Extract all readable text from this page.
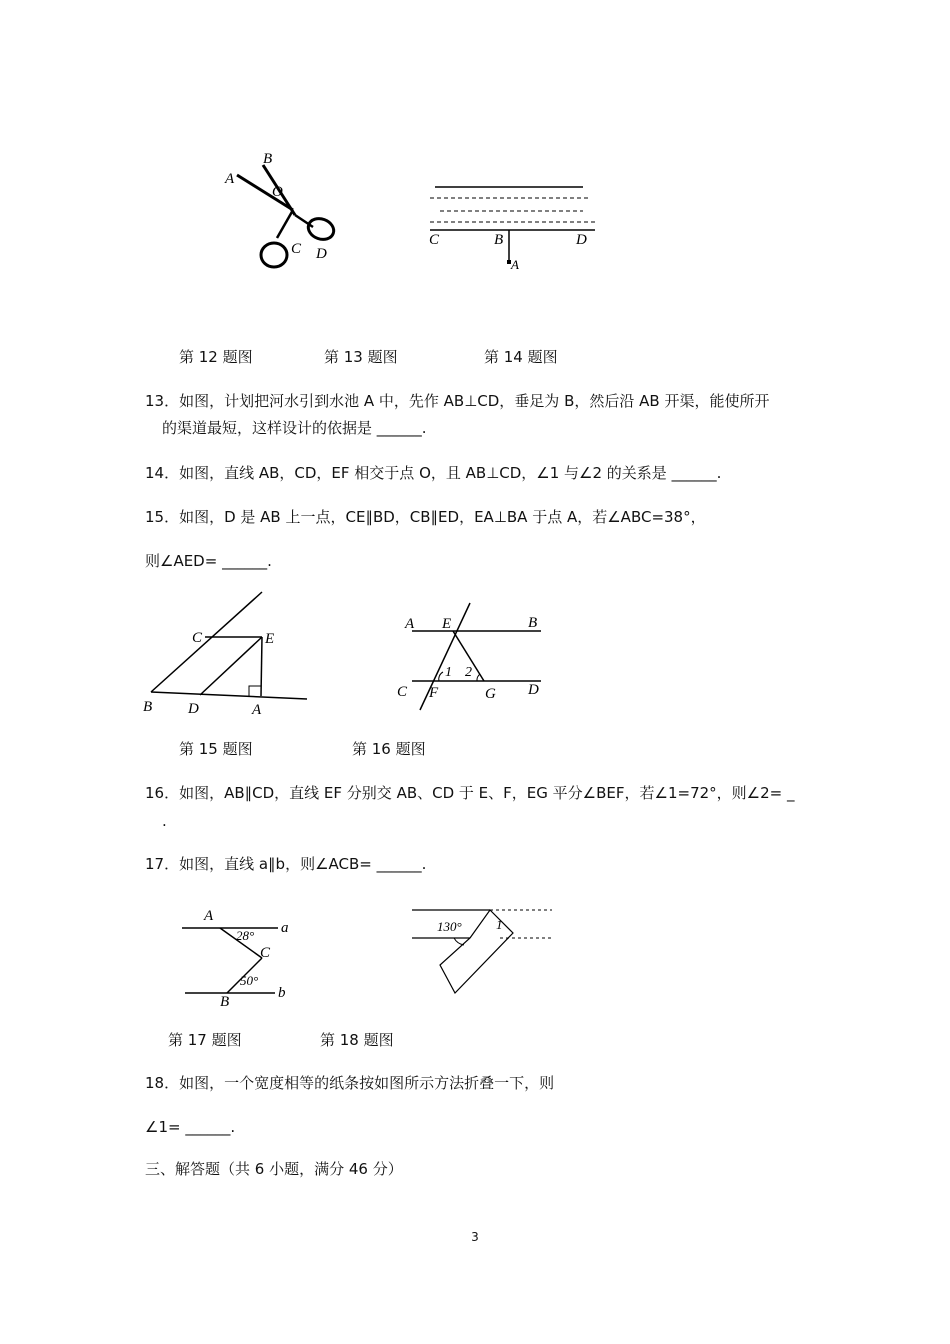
A
B
O
C D
C	B	D
A
第 12 题图	第 13 题图	第 14 题图
13．如图，计划把河水引到水池 A 中，先作 AB⊥CD，垂足为 B，然后沿 AB 开渠，能使所开
的渠道最短，这样设计的依据是 ______.
14．如图，直线 AB，CD，EF 相交于点 O，且 AB⊥CD，∠1 与∠2 的关系是 ______.
15．如图，D 是 AB 上一点，CE∥BD，CB∥ED，EA⊥BA 于点 A，若∠ABC=38°，
则∠AED= ______.
C	E
B D	A
A E	B
1 2
C F	G D
第 15 题图	第 16 题图
16．如图，AB∥CD，直线 EF 分别交 AB、CD 于 E、F，EG 平分∠BEF，若∠1=72°，则∠2= _
.
17．如图，直线 a∥b，则∠ACB= ______.
A
a
28°
C
50°
B
b
130°	1
第 17 题图	第 18 题图
18．如图，一个宽度相等的纸条按如图所示方法折叠一下，则
∠1= ______.
三、解答题（共 6 小题，满分 46 分）
3
